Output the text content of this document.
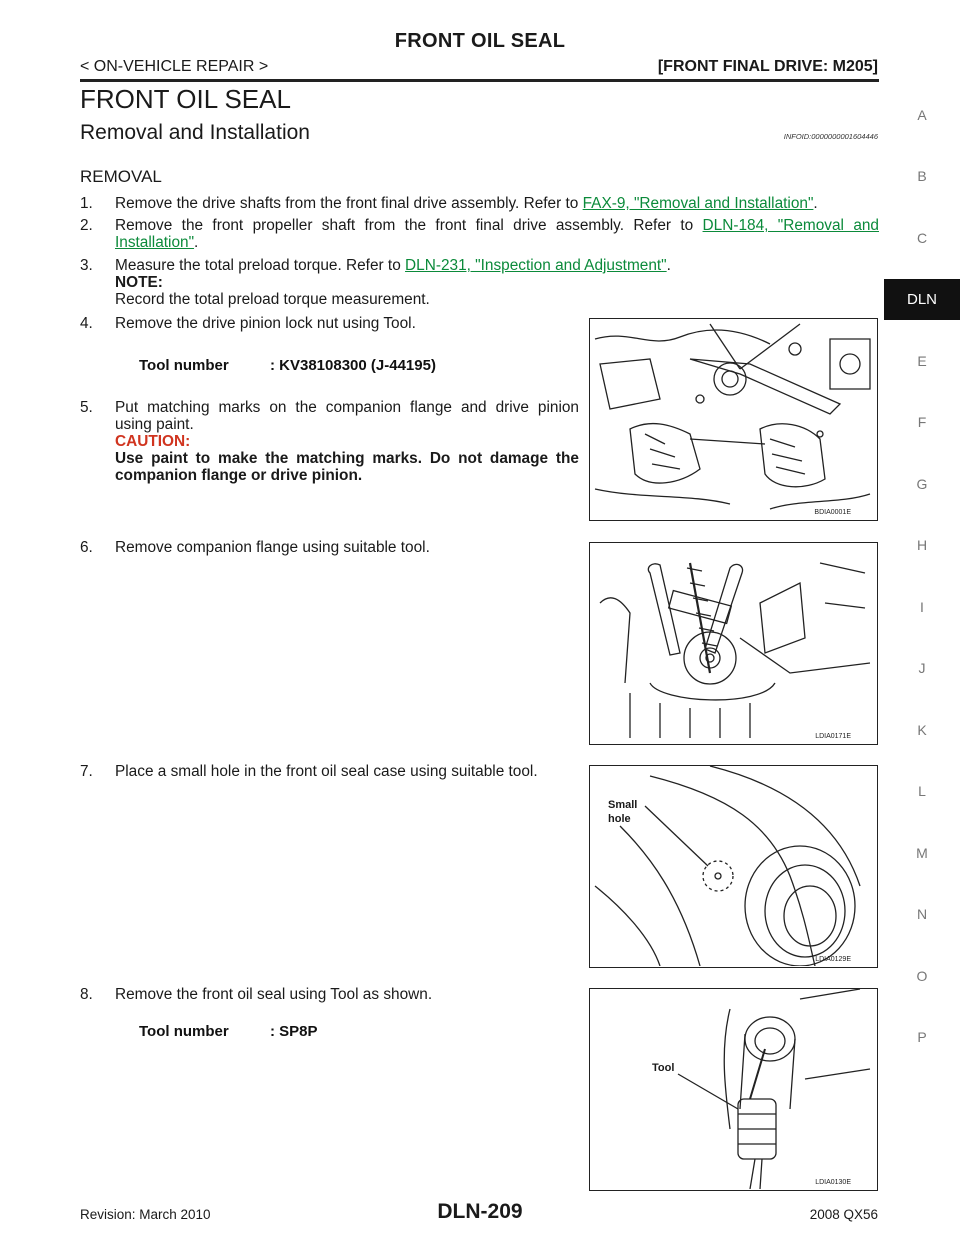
FRONT OIL SEAL
< ON-VEHICLE REPAIR >	[FRONT FINAL DRIVE: M205]
FRONT OIL SEAL
Removal and Installation	INFOID:0000000001604446
REMOVAL
1. Remove the drive shafts from the front final drive assembly. Refer to FAX-9, "Removal and Installation".
2. Remove the front propeller shaft from the front final drive assembly. Refer to DLN-184, "Removal and
Installation".
3. Measure the total preload torque. Refer to DLN-231, "Inspection and Adjustment".
NOTE:
Record the total preload torque measurement.
4. Remove the drive pinion lock nut using Tool.
Tool number	: KV38108300 (J-44195)
5. Put matching marks on the companion flange and drive pinion
using paint.
CAUTION:
Use paint to make the matching marks. Do not damage the
companion flange or drive pinion.
6. Remove companion flange using suitable tool.
7. Place a small hole in the front oil seal case using suitable tool.
8. Remove the front oil seal using Tool as shown.
Tool number	: SP8P
BDIA0001E
LDIA0171E
Small
hole
LDIA0129E
Tool
LDIA0130E
A
B
C
DLN
E
F
G
H
I
J
K
L
M
N
O
P
Revision: March 2010	DLN-209	2008 QX56
